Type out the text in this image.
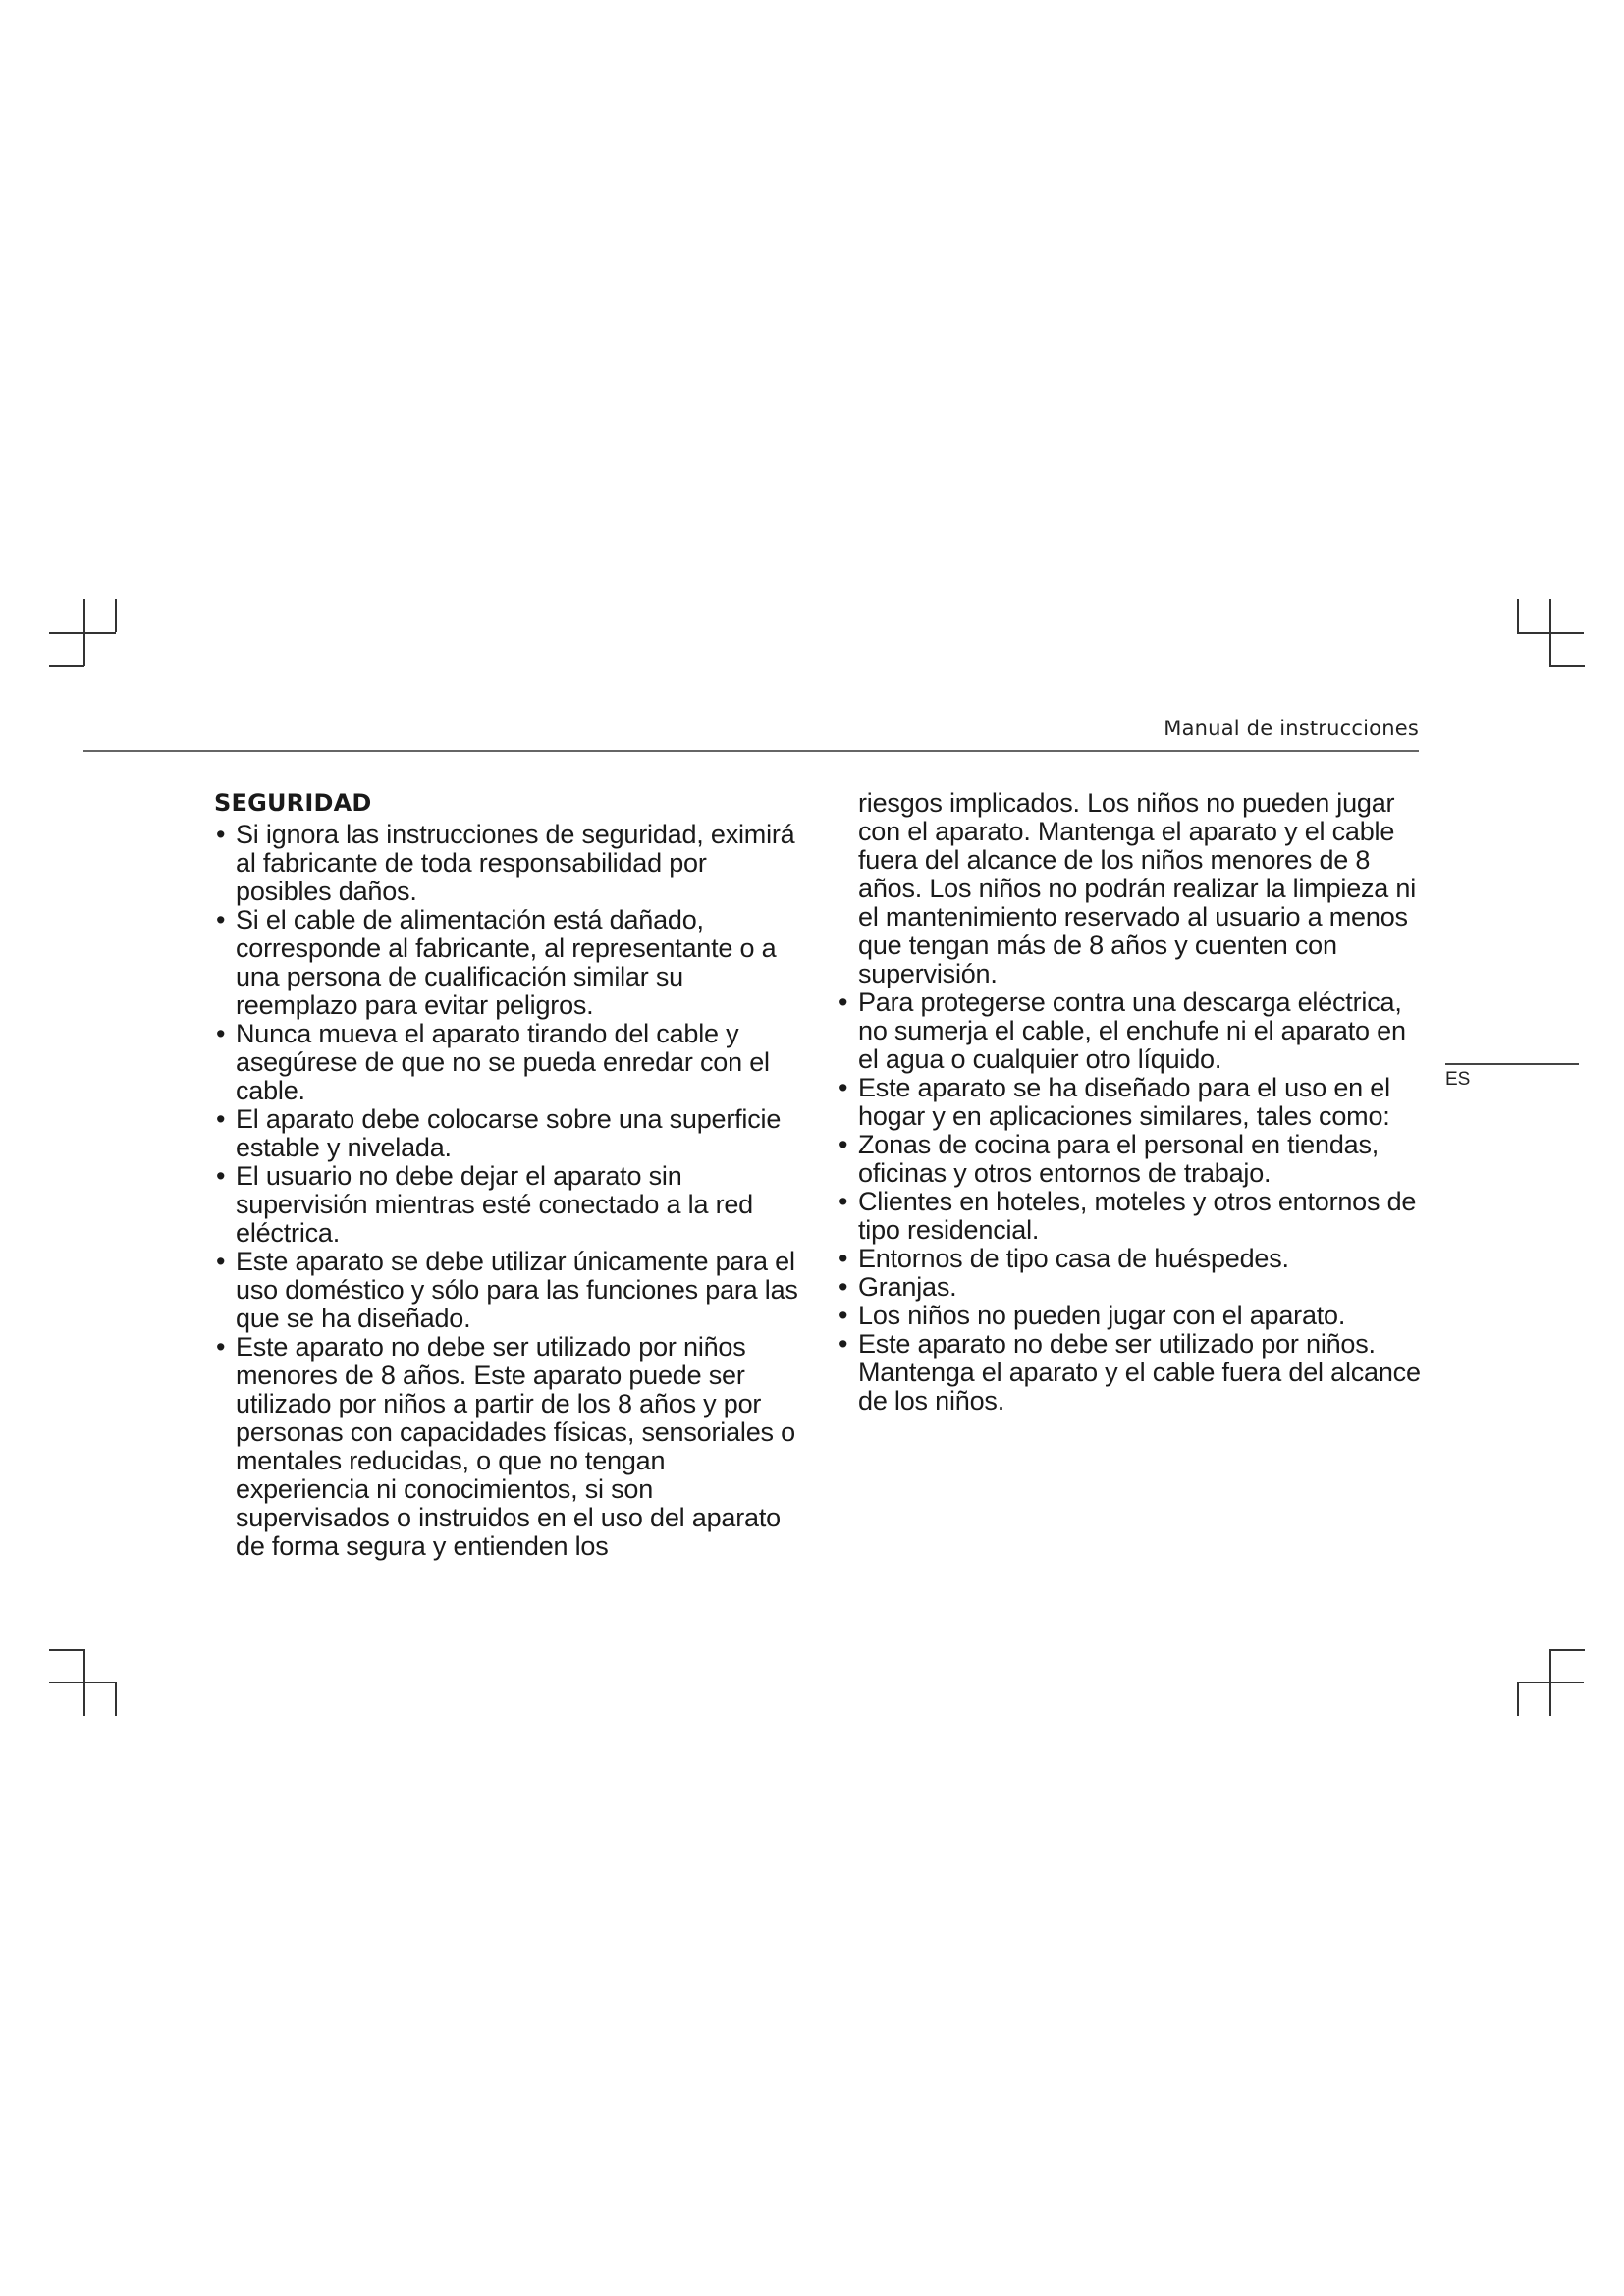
Manual de instrucciones
ES
SEGURIDAD

• Si ignora las instrucciones de seguridad, eximirá al fabricante de toda responsabilidad por posibles daños.

• Si el cable de alimentación está dañado, corresponde al fabricante, al representante o a una persona de cualificación similar su reemplazo para evitar peligros.

• Nunca mueva el aparato tirando del cable y asegúrese de que no se pueda enredar con el cable.

• El aparato debe colocarse sobre una superficie estable y nivelada.

• El usuario no debe dejar el aparato sin supervisión mientras esté conectado a la red eléctrica.

• Este aparato se debe utilizar únicamente para el uso doméstico y sólo para las funciones para las que se ha diseñado.

• Este aparato no debe ser utilizado por niños menores de 8 años. Este aparato puede ser utilizado por niños a partir de los 8 años y por personas con capacidades físicas, sensoriales o mentales reducidas, o que no tengan experiencia ni conocimientos, si son supervisados o instruidos en el uso del aparato de forma segura y entienden los

riesgos implicados. Los niños no pueden jugar con el aparato. Mantenga el aparato y el cable fuera del alcance de los niños menores de 8 años. Los niños no podrán realizar la limpieza ni el mantenimiento reservado al usuario a menos que tengan más de 8 años y cuenten con supervisión.

• Para protegerse contra una descarga eléctrica, no sumerja el cable, el enchufe ni el aparato en el agua o cualquier otro líquido.

• Este aparato se ha diseñado para el uso en el hogar y en aplicaciones similares, tales como:

• Zonas de cocina para el personal en tiendas, oficinas y otros entornos de trabajo.

• Clientes en hoteles, moteles y otros entornos de tipo residencial.

• Entornos de tipo casa de huéspedes.

• Granjas.

• Los niños no pueden jugar con el aparato.

• Este aparato no debe ser utilizado por niños. Mantenga el aparato y el cable fuera del alcance de los niños.
